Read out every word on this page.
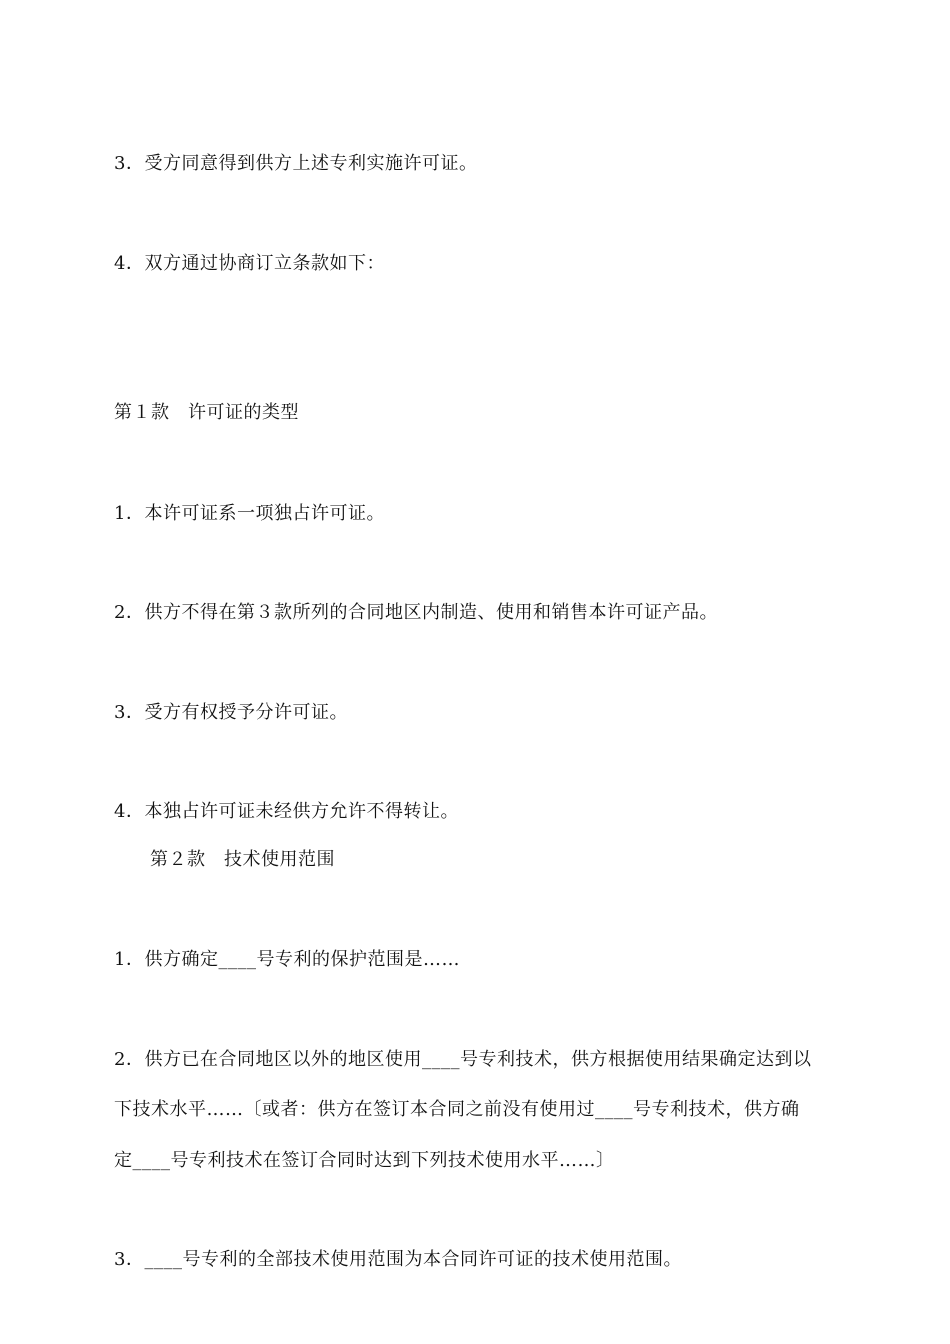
3．受方同意得到供方上述专利实施许可证。
4．双方通过协商订立条款如下：
第１款　许可证的类型
1．本许可证系一项独占许可证。
2．供方不得在第３款所列的合同地区内制造、使用和销售本许可证产品。
3．受方有权授予分许可证。
4．本独占许可证未经供方允许不得转让。
第２款　技术使用范围
1．供方确定____号专利的保护范围是……
2．供方已在合同地区以外的地区使用____号专利技术，供方根据使用结果确定达到以
下技术水平……〔或者：供方在签订本合同之前没有使用过____号专利技术，供方确
定____号专利技术在签订合同时达到下列技术使用水平……〕
3．____号专利的全部技术使用范围为本合同许可证的技术使用范围。
